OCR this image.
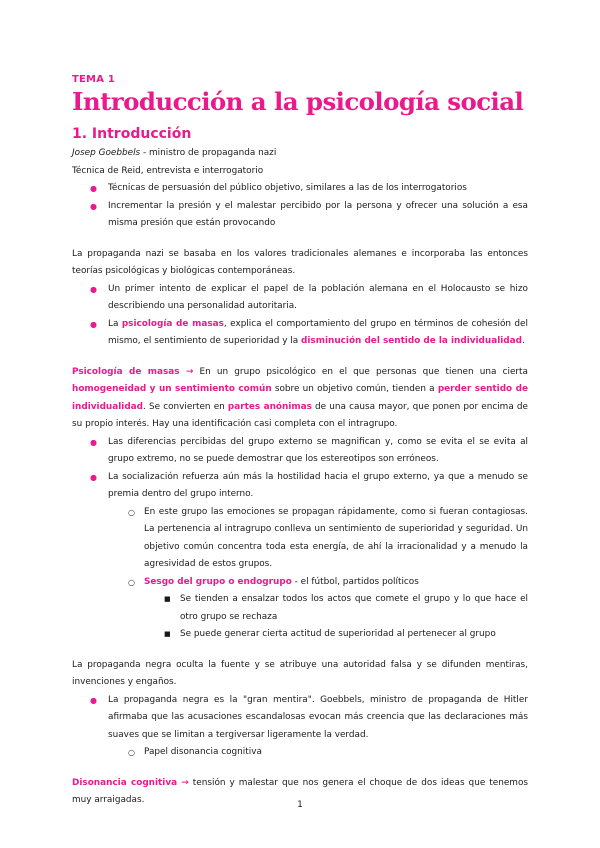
TEMA 1
Introducción a la psicología social
1. Introducción

Josep Goebbels - ministro de propaganda nazi

Técnica de Reid, entrevista e interrogatorio

● Técnicas de persuasión del público objetivo, similares a las de los interrogatorios
● Incrementar la presión y el malestar percibido por la persona y ofrecer una solución a esa misma presión que están provocando

La propaganda nazi se basaba en los valores tradicionales alemanes e incorporaba las entonces teorías psicológicas y biológicas contemporáneas.

● Un primer intento de explicar el papel de la población alemana en el Holocausto se hizo describiendo una personalidad autoritaria.
● La psicología de masas, explica el comportamiento del grupo en términos de cohesión del mismo, el sentimiento de superioridad y la disminución del sentido de la individualidad.

Psicología de masas → En un grupo psicológico en el que personas que tienen una cierta homogeneidad y un sentimiento común sobre un objetivo común, tienden a perder sentido de individualidad. Se convierten en partes anónimas de una causa mayor, que ponen por encima de su propio interés. Hay una identificación casi completa con el intragrupo.

● Las diferencias percibidas del grupo externo se magnifican y, como se evita el se evita al grupo extremo, no se puede demostrar que los estereotipos son erróneos.
● La socialización refuerza aún más la hostilidad hacia el grupo externo, ya que a menudo se premia dentro del grupo interno.
○ En este grupo las emociones se propagan rápidamente, como si fueran contagiosas. La pertenencia al intragrupo conlleva un sentimiento de superioridad y seguridad. Un objetivo común concentra toda esta energía, de ahí la irracionalidad y a menudo la agresividad de estos grupos.
○ Sesgo del grupo o endogrupo - el fútbol, partidos políticos
■ Se tienden a ensalzar todos los actos que comete el grupo y lo que hace el otro grupo se rechaza
■ Se puede generar cierta actitud de superioridad al pertenecer al grupo

La propaganda negra oculta la fuente y se atribuye una autoridad falsa y se difunden mentiras, invenciones y engaños.

● La propaganda negra es la "gran mentira". Goebbels, ministro de propaganda de Hitler afirmaba que las acusaciones escandalosas evocan más creencia que las declaraciones más suaves que se limitan a tergiversar ligeramente la verdad.
○ Papel disonancia cognitiva

Disonancia cognitiva → tensión y malestar que nos genera el choque de dos ideas que tenemos muy arraigadas.	1
